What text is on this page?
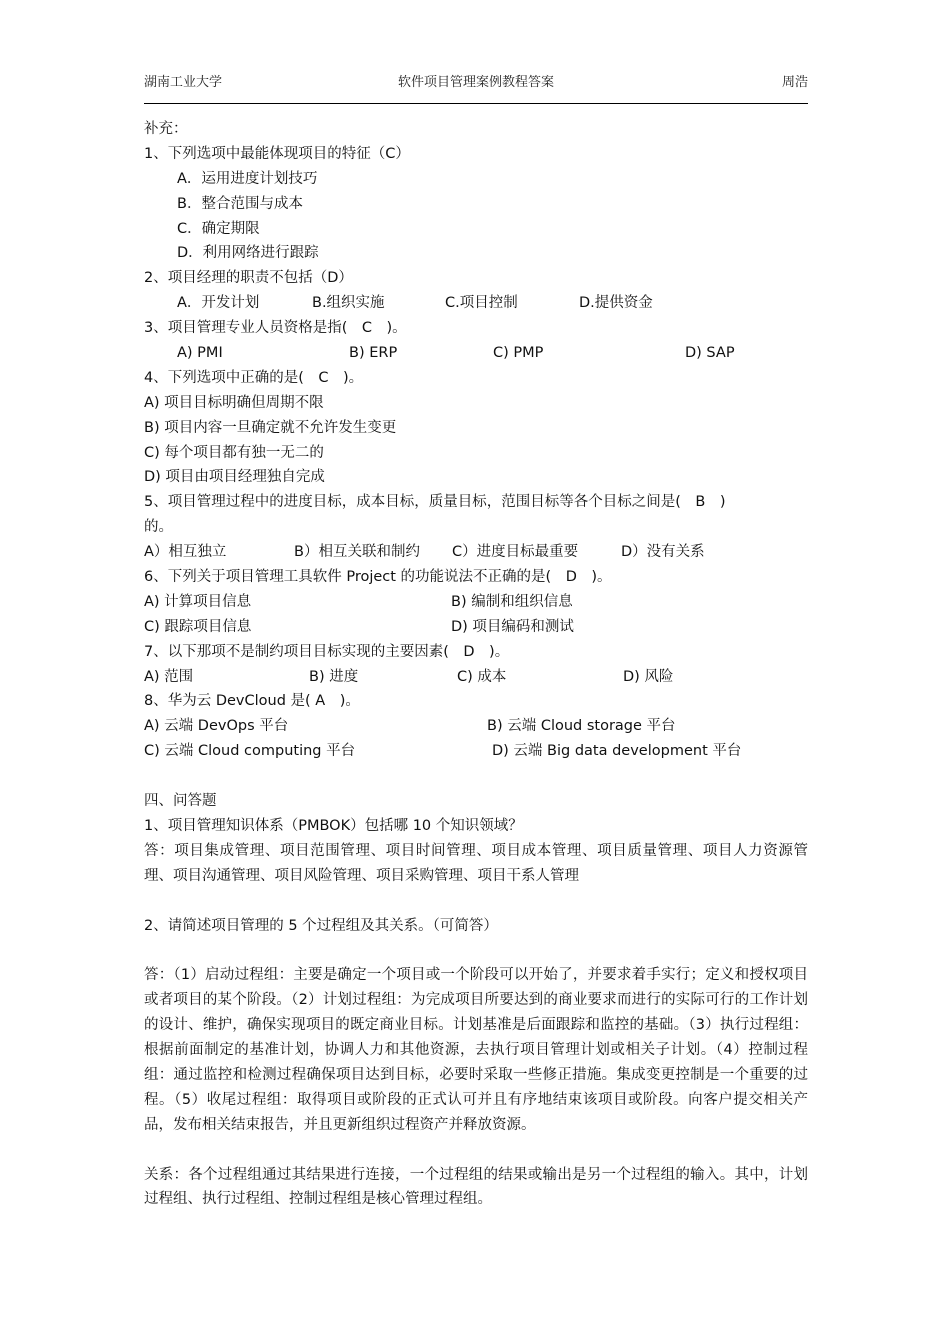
湖南工业大学	软件项目管理案例教程答案	周浩
补充：
1、下列选项中最能体现项目的特征（C）
A．运用进度计划技巧
B．整合范围与成本
C．确定期限
D．利用网络进行跟踪
2、项目经理的职责不包括（D）
A．开发计划	B.组织实施	C.项目控制	D.提供资金
3、项目管理专业人员资格是指(　C　)。
A) PMI	B) ERP	C) PMP	D) SAP
4、下列选项中正确的是(　C　)。
A) 项目目标明确但周期不限
B) 项目内容一旦确定就不允许发生变更
C) 每个项目都有独一无二的
D) 项目由项目经理独自完成
5、项目管理过程中的进度目标，成本目标，质量目标，范围目标等各个目标之间是(　B　)
的。
A）相互独立	B）相互关联和制约 C）进度目标最重要	D）没有关系
6、下列关于项目管理工具软件 Project 的功能说法不正确的是(　D　)。
A) 计算项目信息	B) 编制和组织信息
C) 跟踪项目信息	D) 项目编码和测试
7、以下那项不是制约项目目标实现的主要因素(　D　)。
A) 范围	B) 进度	C) 成本	D) 风险
8、华为云 DevCloud 是( A　)。
A) 云端 DevOps 平台	B) 云端 Cloud storage 平台
C) 云端 Cloud computing 平台	D) 云端 Big data development 平台
四、问答题
1、项目管理知识体系（PMBOK）包括哪 10 个知识领域？
答：项目集成管理、项目范围管理、项目时间管理、项目成本管理、项目质量管理、项目人力资源管理、项目沟通管理、项目风险管理、项目采购管理、项目干系人管理
2、请简述项目管理的 5 个过程组及其关系。（可简答）
答：（1）启动过程组：主要是确定一个项目或一个阶段可以开始了，并要求着手实行；定义和授权项目或者项目的某个阶段。（2）计划过程组：为完成项目所要达到的商业要求而进行的实际可行的工作计划的设计、维护，确保实现项目的既定商业目标。计划基准是后面跟踪和监控的基础。（3）执行过程组：根据前面制定的基准计划，协调人力和其他资源，去执行项目管理计划或相关子计划。（4）控制过程组：通过监控和检测过程确保项目达到目标，必要时采取一些修正措施。集成变更控制是一个重要的过程。（5）收尾过程组：取得项目或阶段的正式认可并且有序地结束该项目或阶段。向客户提交相关产品，发布相关结束报告，并且更新组织过程资产并释放资源。
关系：各个过程组通过其结果进行连接，一个过程组的结果或输出是另一个过程组的输入。其中，计划过程组、执行过程组、控制过程组是核心管理过程组。
